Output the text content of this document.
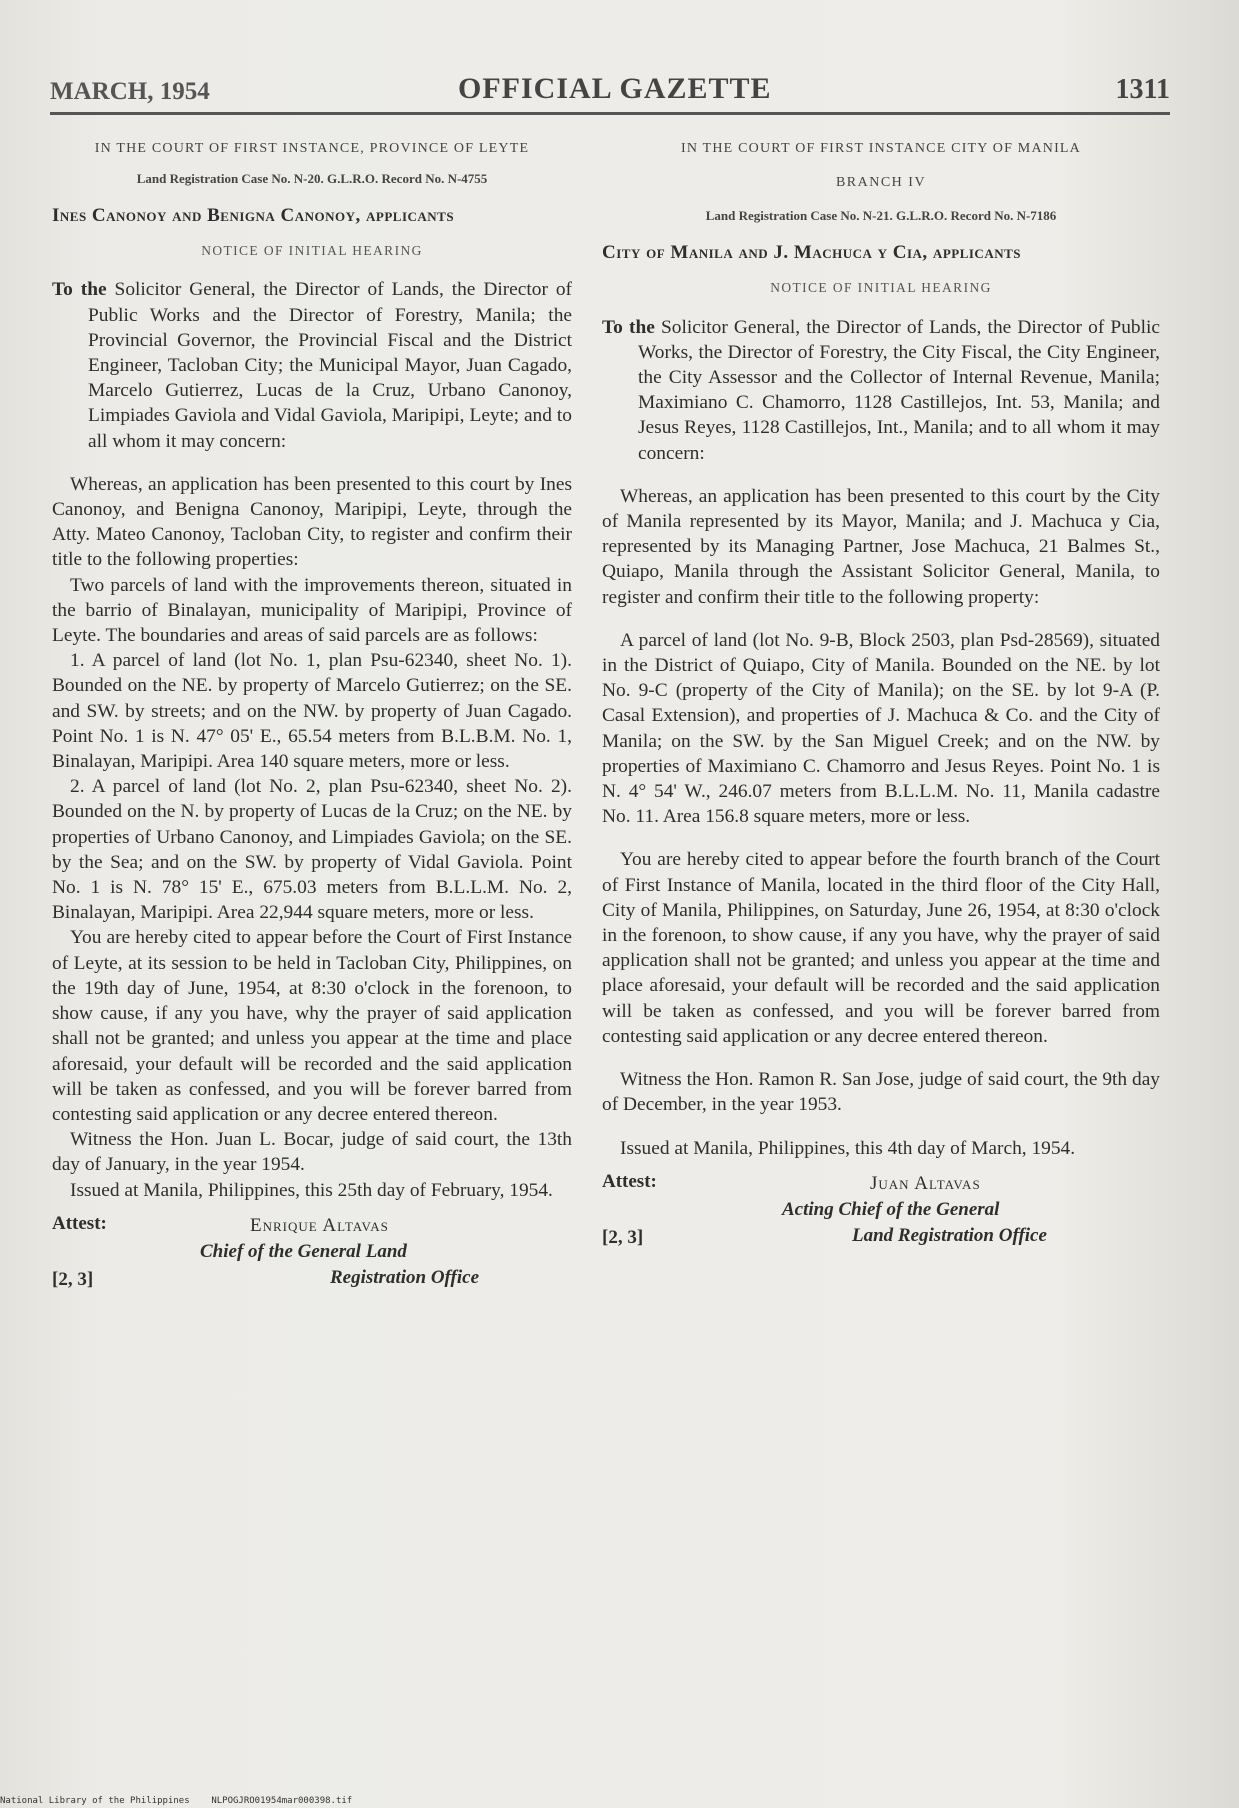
MARCH, 1954	OFFICIAL GAZETTE	1311
IN THE COURT OF FIRST INSTANCE, PROVINCE OF LEYTE
Land Registration Case No. N-20. G.L.R.O. Record No. N-4755
Ines Canonoy and Benigna Canonoy, applicants
NOTICE OF INITIAL HEARING
To the Solicitor General, the Director of Lands, the Director of Public Works and the Director of Forestry, Manila; the Provincial Governor, the Provincial Fiscal and the District Engineer, Tacloban City; the Municipal Mayor, Juan Cagado, Marcelo Gutierrez, Lucas de la Cruz, Urbano Canonoy, Limpiades Gaviola and Vidal Gaviola, Maripipi, Leyte; and to all whom it may concern:

Whereas, an application has been presented to this court by Ines Canonoy, and Benigna Canonoy, Maripipi, Leyte, through the Atty. Mateo Canonoy, Tacloban City, to register and confirm their title to the following properties:

Two parcels of land with the improvements thereon, situated in the barrio of Binalayan, municipality of Maripipi, Province of Leyte. The boundaries and areas of said parcels are as follows:

1. A parcel of land (lot No. 1, plan Psu-62340, sheet No. 1). Bounded on the NE. by property of Marcelo Gutierrez; on the SE. and SW. by streets; and on the NW. by property of Juan Cagado. Point No. 1 is N. 47° 05' E., 65.54 meters from B.L.B.M. No. 1, Binalayan, Maripipi. Area 140 square meters, more or less.

2. A parcel of land (lot No. 2, plan Psu-62340, sheet No. 2). Bounded on the N. by property of Lucas de la Cruz; on the NE. by properties of Urbano Canonoy, and Limpiades Gaviola; on the SE. by the Sea; and on the SW. by property of Vidal Gaviola. Point No. 1 is N. 78° 15' E., 675.03 meters from B.L.L.M. No. 2, Binalayan, Maripipi. Area 22,944 square meters, more or less.

You are hereby cited to appear before the Court of First Instance of Leyte, at its session to be held in Tacloban City, Philippines, on the 19th day of June, 1954, at 8:30 o'clock in the forenoon, to show cause, if any you have, why the prayer of said application shall not be granted; and unless you appear at the time and place aforesaid, your default will be recorded and the said application will be taken as confessed, and you will be forever barred from contesting said application or any decree entered thereon.

Witness the Hon. Juan L. Bocar, judge of said court, the 13th day of January, in the year 1954.

Issued at Manila, Philippines, this 25th day of February, 1954.

Attest:	Enrique Altavas
Chief of the General Land
Registration Office
[2, 3]
IN THE COURT OF FIRST INSTANCE CITY OF MANILA
BRANCH IV
Land Registration Case No. N-21. G.L.R.O. Record No. N-7186
City of Manila and J. Machuca y Cia, applicants
NOTICE OF INITIAL HEARING
To the Solicitor General, the Director of Lands, the Director of Public Works, the Director of Forestry, the City Fiscal, the City Engineer, the City Assessor and the Collector of Internal Revenue, Manila; Maximiano C. Chamorro, 1128 Castillejos, Int. 53, Manila; and Jesus Reyes, 1128 Castillejos, Int., Manila; and to all whom it may concern:

Whereas, an application has been presented to this court by the City of Manila represented by its Mayor, Manila; and J. Machuca y Cia, represented by its Managing Partner, Jose Machuca, 21 Balmes St., Quiapo, Manila through the Assistant Solicitor General, Manila, to register and confirm their title to the following property:

A parcel of land (lot No. 9-B, Block 2503, plan Psd-28569), situated in the District of Quiapo, City of Manila. Bounded on the NE. by lot No. 9-C (property of the City of Manila); on the SE. by lot 9-A (P. Casal Extension), and properties of J. Machuca & Co. and the City of Manila; on the SW. by the San Miguel Creek; and on the NW. by properties of Maximiano C. Chamorro and Jesus Reyes. Point No. 1 is N. 4° 54' W., 246.07 meters from B.L.L.M. No. 11, Manila cadastre No. 11. Area 156.8 square meters, more or less.

You are hereby cited to appear before the fourth branch of the Court of First Instance of Manila, located in the third floor of the City Hall, City of Manila, Philippines, on Saturday, June 26, 1954, at 8:30 o'clock in the forenoon, to show cause, if any you have, why the prayer of said application shall not be granted; and unless you appear at the time and place aforesaid, your default will be recorded and the said application will be taken as confessed, and you will be forever barred from contesting said application or any decree entered thereon.

Witness the Hon. Ramon R. San Jose, judge of said court, the 9th day of December, in the year 1953.

Issued at Manila, Philippines, this 4th day of March, 1954.

Attest:	Juan Altavas
Acting Chief of the General
Land Registration Office
[2, 3]
National Library of the Philippines    NLPOGJRO01954mar000398.tif
